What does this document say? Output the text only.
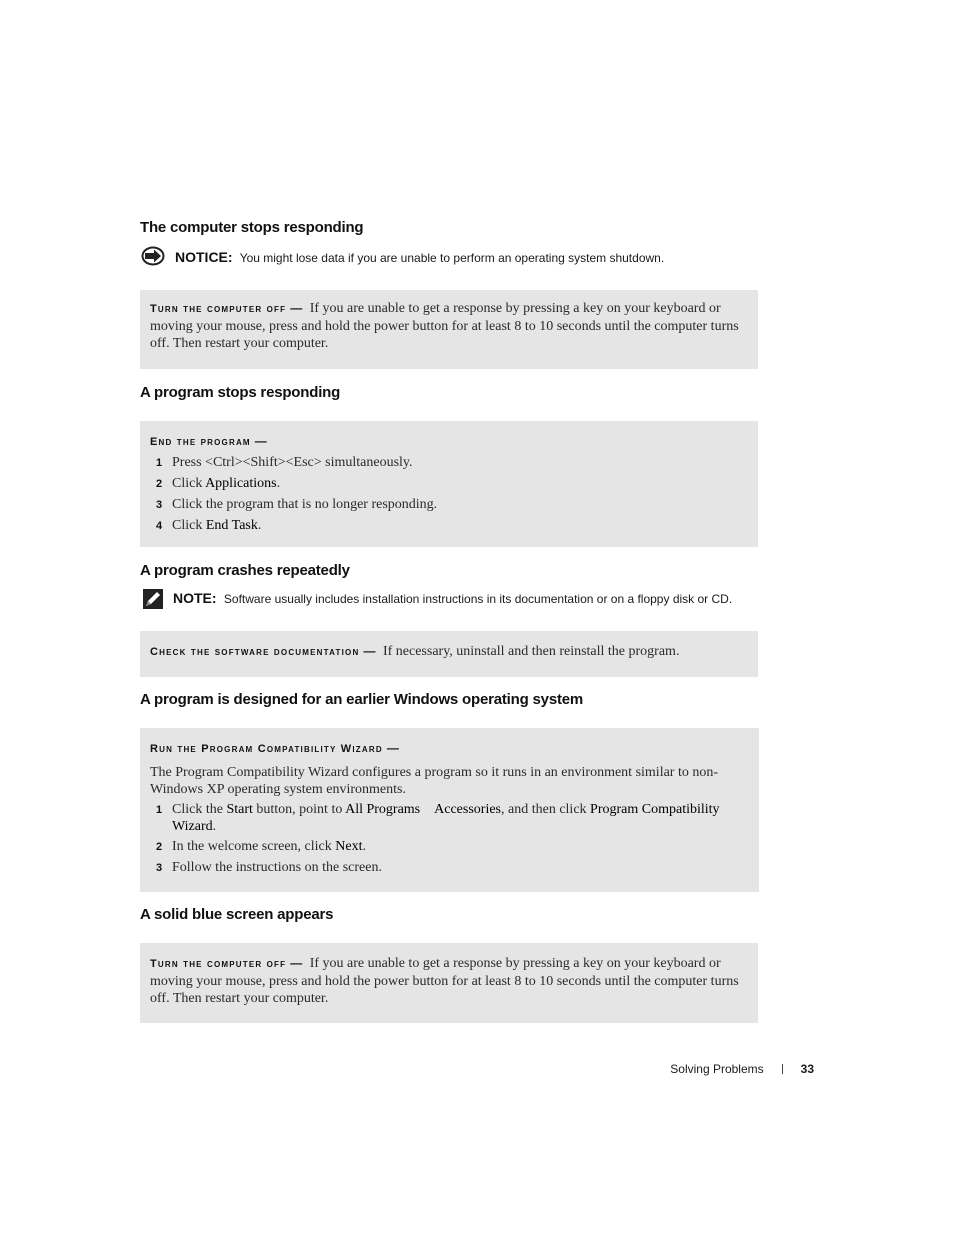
The computer stops responding
NOTICE: You might lose data if you are unable to perform an operating system shutdown.
Turn the computer off — If you are unable to get a response by pressing a key on your keyboard or moving your mouse, press and hold the power button for at least 8 to 10 seconds until the computer turns off. Then restart your computer.
A program stops responding
End the program —
1 Press <Ctrl><Shift><Esc> simultaneously.
2 Click Applications.
3 Click the program that is no longer responding.
4 Click End Task.
A program crashes repeatedly
NOTE: Software usually includes installation instructions in its documentation or on a floppy disk or CD.
Check the software documentation — If necessary, uninstall and then reinstall the program.
A program is designed for an earlier Windows operating system
Run the Program Compatibility Wizard —
The Program Compatibility Wizard configures a program so it runs in an environment similar to non-Windows XP operating system environments.
1 Click the Start button, point to All Programs Accessories, and then click Program Compatibility Wizard.
2 In the welcome screen, click Next.
3 Follow the instructions on the screen.
A solid blue screen appears
Turn the computer off — If you are unable to get a response by pressing a key on your keyboard or moving your mouse, press and hold the power button for at least 8 to 10 seconds until the computer turns off. Then restart your computer.
Solving Problems	33
